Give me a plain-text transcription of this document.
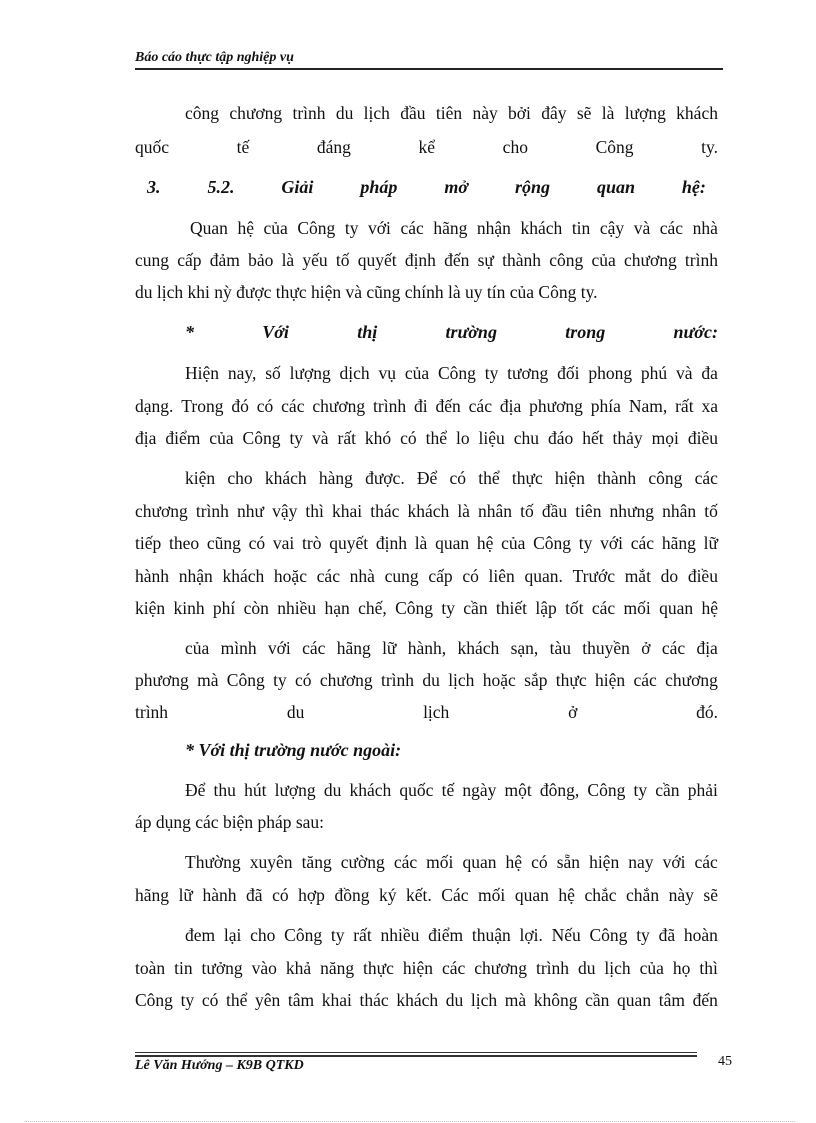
Báo cáo thực tập nghiệp vụ
công chương trình du lịch đầu tiên này bởi đây sẽ là lượng khách
quốc	tế	đáng	kể	cho	Công	ty.
3.	5.2.	Giải	pháp	mở	rộng	quan	hệ:
Quan hệ của Công ty với các hãng nhận khách tin cậy và các nhà
cung cấp đảm bảo là yếu tố quyết định đến sự thành công của chương trình
du lịch khi nỳ được thực hiện và cũng chính là uy tín của Công ty.
*	Với	thị	trường	trong	nước:
Hiện nay, số lượng dịch vụ của Công ty tương đối phong phú và đa
dạng. Trong đó có các chương trình đi đến các địa phương phía Nam, rất xa
địa điểm của Công ty và rất khó có thể lo liệu chu đáo hết thảy mọi điều
kiện cho khách hàng được. Để có thể thực hiện thành công các
chương trình như vậy thì khai thác khách là nhân tố đầu tiên nhưng nhân tố
tiếp theo cũng có vai trò quyết định là quan hệ của Công ty với các hãng lữ
hành nhận khách hoặc các nhà cung cấp có liên quan. Trước mắt do điều
kiện kinh phí còn nhiều hạn chế, Công ty cần thiết lập tốt các mối quan hệ
của mình với các hãng lữ hành, khách sạn, tàu thuyền ở các địa
phương mà Công ty có chương trình du lịch hoặc sắp thực hiện các chương
trình	du	lịch	ở	đó.
* Với thị trường nước ngoài:
Để thu hút lượng du khách quốc tế ngày một đông, Công ty cần phải
áp dụng các biện pháp sau:
Thường xuyên tăng cường các mối quan hệ có sẵn hiện nay với các
hãng lữ hành đã có hợp đồng ký kết. Các mối quan hệ chắc chắn này sẽ
đem lại cho Công ty rất nhiều điểm thuận lợi. Nếu Công ty đã hoàn
toàn tin tưởng vào khả năng thực hiện các chương trình du lịch của họ thì
Công ty có thể yên tâm khai thác khách du lịch mà không cần quan tâm đến
Lê Văn Hướng – K9B QTKD	45
